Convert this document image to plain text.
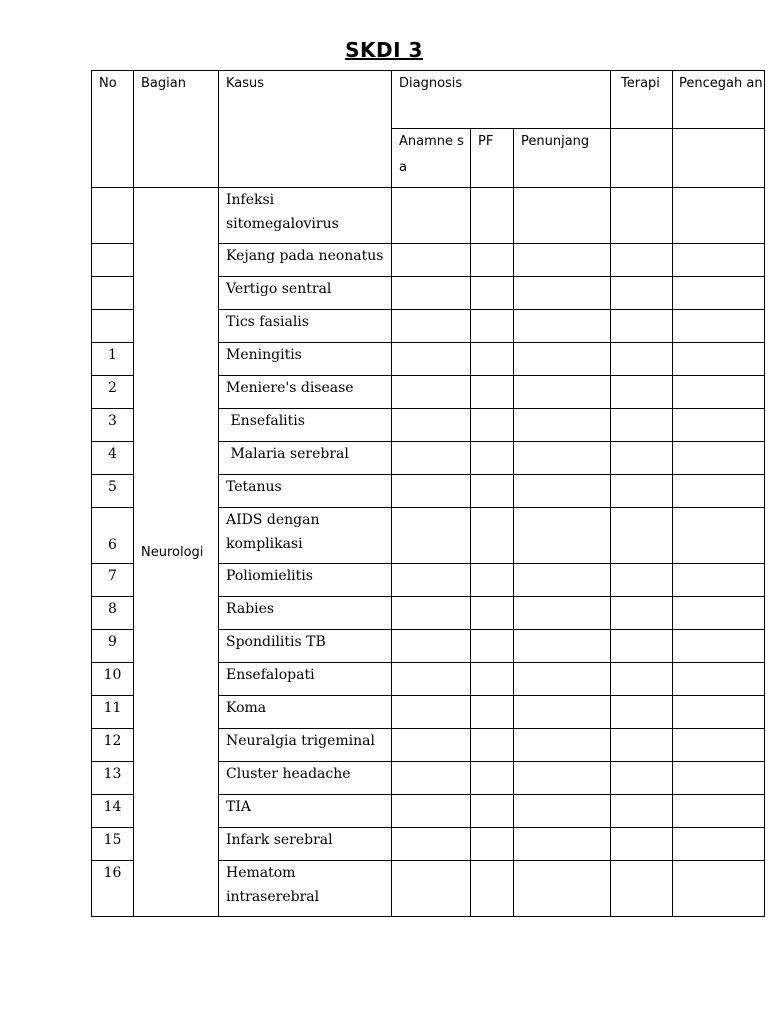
SKDI 3
No	Bagian	Kasus	Diagnosis			Terapi	Pencegah an
			Anamne sa	PF	Penunjang		
	Neurologi	Infeksi sitomegalovirus					
		Kejang pada neonatus					
		Vertigo sentral					
		Tics fasialis					
1		Meningitis					
2		Meniere's disease					
3		Ensefalitis					
4		Malaria serebral					
5		Tetanus					
6		AIDS dengan komplikasi					
7		Poliomielitis					
8		Rabies					
9		Spondilitis TB					
10		Ensefalopati					
11		Koma					
12		Neuralgia trigeminal					
13		Cluster headache					
14		TIA					
15		Infark serebral					
16		Hematom intraserebral					
